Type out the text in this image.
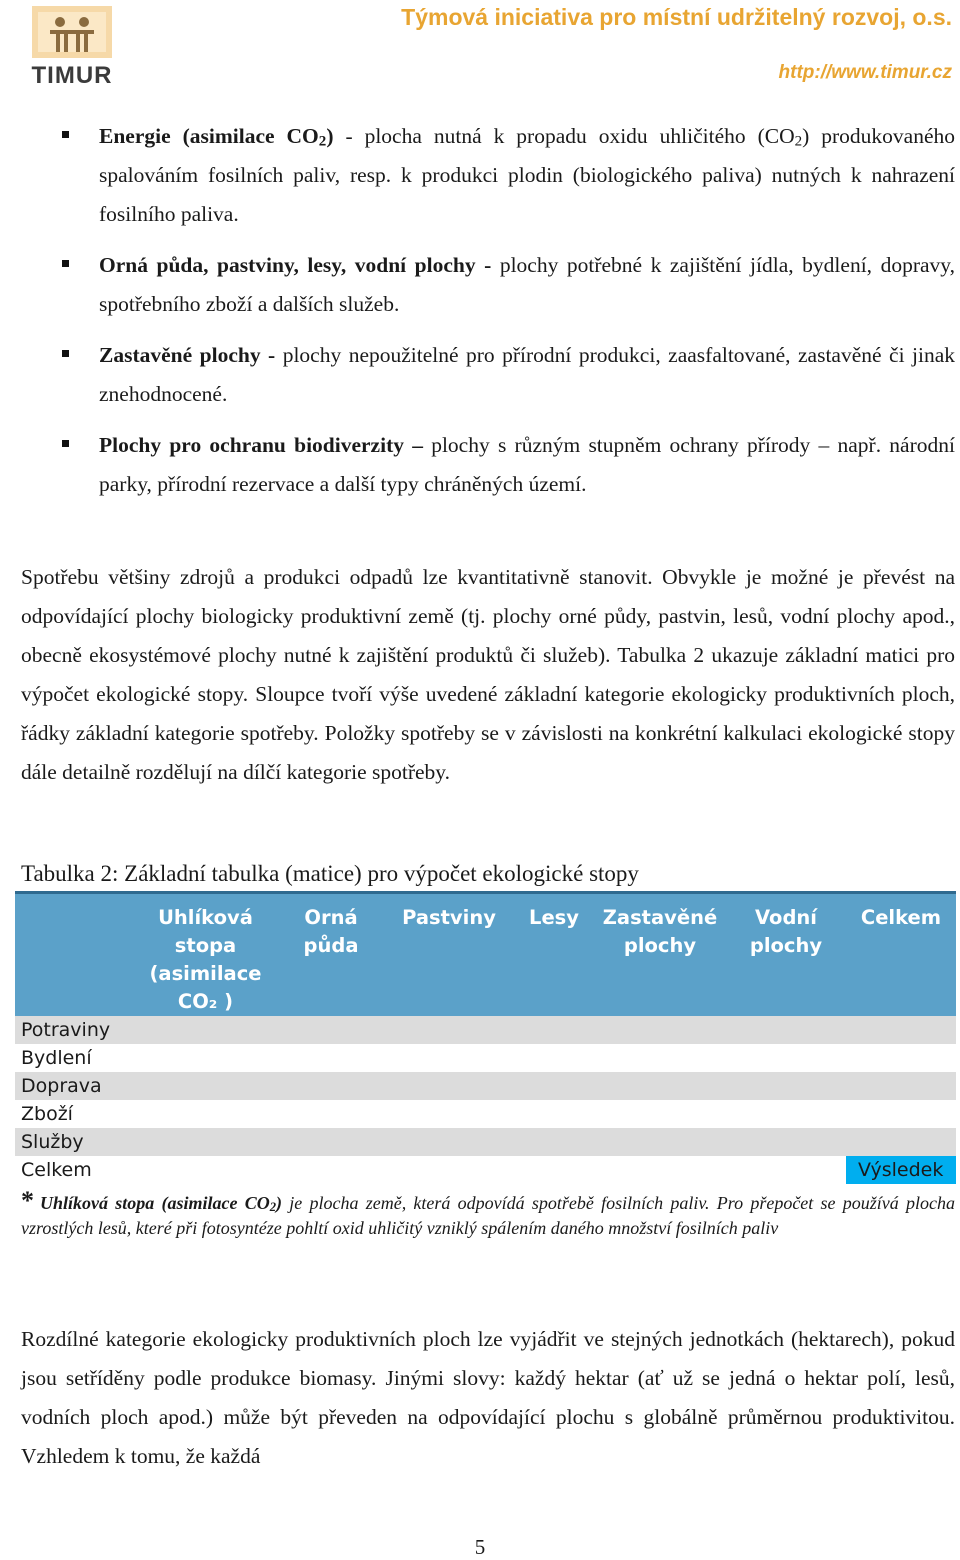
TIMUR
Týmová iniciativa pro místní udržitelný rozvoj, o.s.
http://www.timur.cz
Energie (asimilace $CO_2$) - plocha nutná k propadu oxidu uhličitého $(CO_2)$ produkovaného spalováním fosilních paliv, resp. k produkci plodin (biologického paliva) nutných k nahrazení fosilního paliva.
Orná půda, pastviny, lesy, vodní plochy - plochy potřebné k zajištění jídla, bydlení, dopravy, spotřebního zboží a dalších služeb.
Zastavěné plochy - plochy nepoužitelné pro přírodní produkci, zaasfaltované, zastavěné či jinak znehodnocené.
Plochy pro ochranu biodiverzity – plochy s různým stupněm ochrany přírody – např. národní parky, přírodní rezervace a další typy chráněných území.

Spotřebu většiny zdrojů a produkci odpadů lze kvantitativně stanovit. Obvykle je možné je převést na odpovídající plochy biologicky produktivní země (tj. plochy orné půdy, pastvin, lesů, vodní plochy apod., obecně ekosystémové plochy nutné k zajištění produktů či služeb). Tabulka 2 ukazuje základní matici pro výpočet ekologické stopy. Sloupce tvoří výše uvedené základní kategorie ekologicky produktivních ploch, řádky základní kategorie spotřeby. Položky spotřeby se v závislosti na konkrétní kalkulaci ekologické stopy dále detailně rozdělují na dílčí kategorie spotřeby.

Tabulka 2: Základní tabulka (matice) pro výpočet ekologické stopy
	Uhlíková stopa (asimilace CO₂ )	Orná půda	Pastviny	Lesy	Zastavěné plochy	Vodní plochy	Celkem
Potraviny							
Bydlení							
Doprava							
Zboží							
Služby							
Celkem							Výsledek
* Uhlíková stopa (asimilace $CO_2$) je plocha země, která odpovídá spotřebě fosilních paliv. Pro přepočet se používá plocha vzrostlých lesů, které při fotosyntéze pohltí oxid uhličitý vzniklý spálením daného množství fosilních paliv

Rozdílné kategorie ekologicky produktivních ploch lze vyjádřit ve stejných jednotkách (hektarech), pokud jsou setříděny podle produkce biomasy. Jinými slovy: každý hektar (ať už se jedná o hektar polí, lesů, vodních ploch apod.) může být převeden na odpovídající plochu s globálně průměrnou produktivitou. Vzhledem k tomu, že každá

5
